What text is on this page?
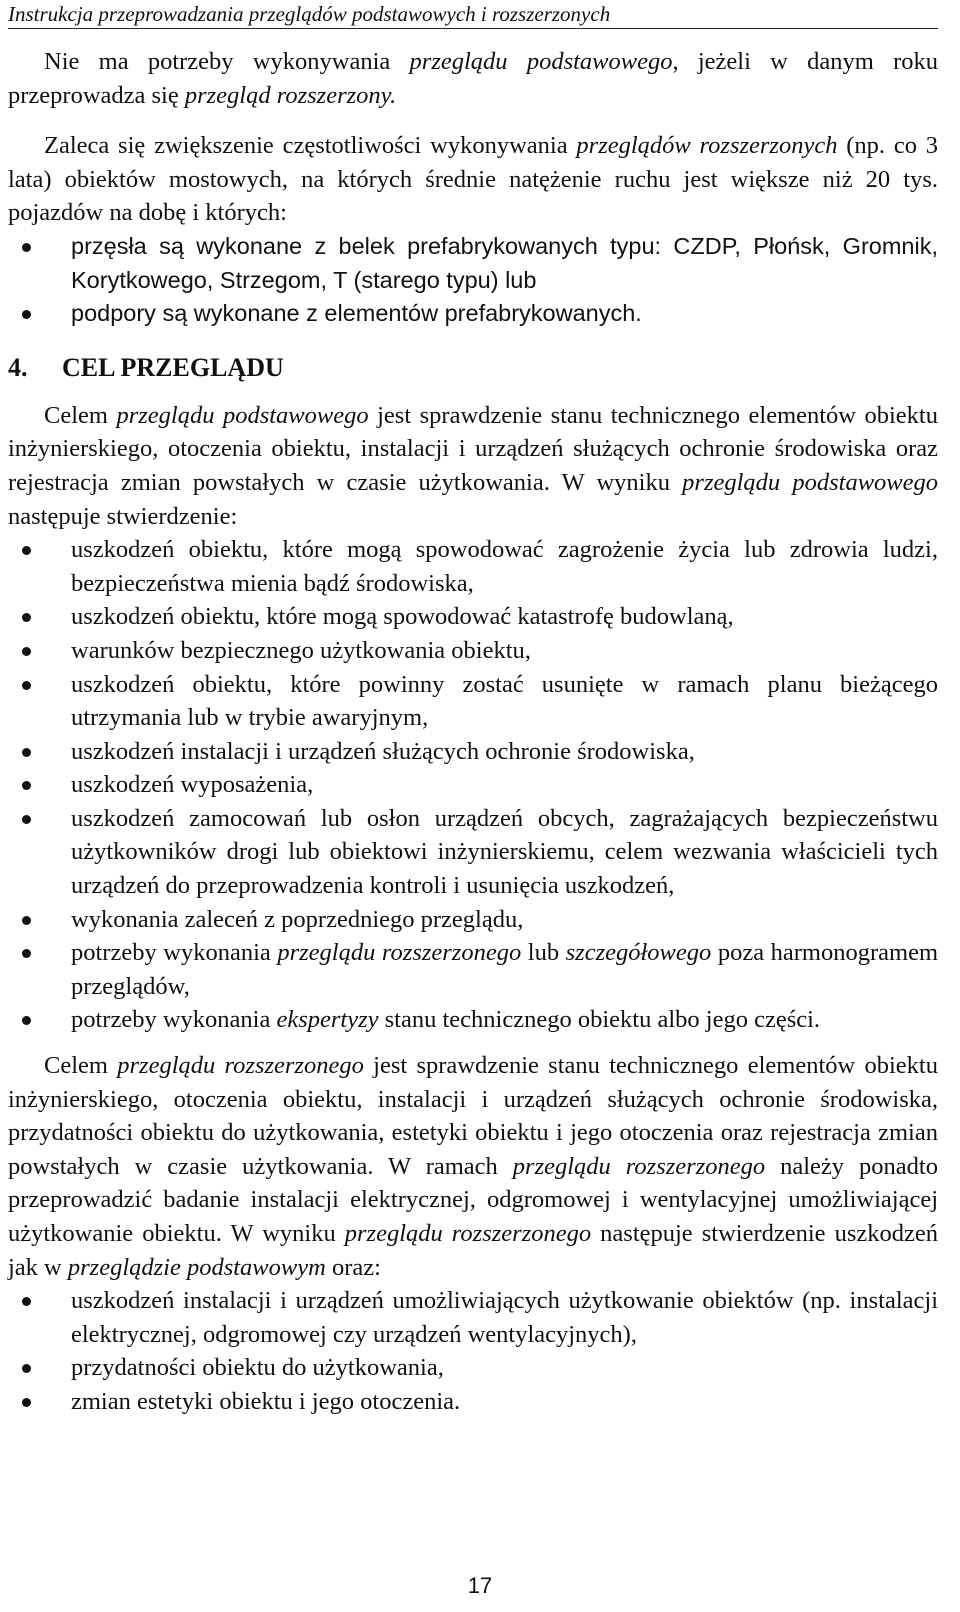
Instrukcja przeprowadzania przeglądów podstawowych i rozszerzonych

Nie ma potrzeby wykonywania przeglądu podstawowego, jeżeli w danym roku przeprowadza się przegląd rozszerzony.

Zaleca się zwiększenie częstotliwości wykonywania przeglądów rozszerzonych (np. co 3 lata) obiektów mostowych, na których średnie natężenie ruchu jest większe niż 20 tys. pojazdów na dobę i których:

przęsła są wykonane z belek prefabrykowanych typu: CZDP, Płońsk, Gromnik, Korytkowego, Strzegom, T (starego typu) lub
podpory są wykonane z elementów prefabrykowanych.
4.	CEL PRZEGLĄDU

Celem przeglądu podstawowego jest sprawdzenie stanu technicznego elementów obiektu inżynierskiego, otoczenia obiektu, instalacji i urządzeń służących ochronie środowiska oraz rejestracja zmian powstałych w czasie użytkowania. W wyniku przeglądu podstawowego następuje stwierdzenie:

uszkodzeń obiektu, które mogą spowodować zagrożenie życia lub zdrowia ludzi, bezpieczeństwa mienia bądź środowiska,
uszkodzeń obiektu, które mogą spowodować katastrofę budowlaną,
warunków bezpiecznego użytkowania obiektu,
uszkodzeń obiektu, które powinny zostać usunięte w ramach planu bieżącego utrzymania lub w trybie awaryjnym,
uszkodzeń instalacji i urządzeń służących ochronie środowiska,
uszkodzeń wyposażenia,
uszkodzeń zamocowań lub osłon urządzeń obcych, zagrażających bezpieczeństwu użytkowników drogi lub obiektowi inżynierskiemu, celem wezwania właścicieli tych urządzeń do przeprowadzenia kontroli i usunięcia uszkodzeń,
wykonania zaleceń z poprzedniego przeglądu,
potrzeby wykonania przeglądu rozszerzonego lub szczegółowego poza harmonogramem przeglądów,
potrzeby wykonania ekspertyzy stanu technicznego obiektu albo jego części.

Celem przeglądu rozszerzonego jest sprawdzenie stanu technicznego elementów obiektu inżynierskiego, otoczenia obiektu, instalacji i urządzeń służących ochronie środowiska, przydatności obiektu do użytkowania, estetyki obiektu i jego otoczenia oraz rejestracja zmian powstałych w czasie użytkowania. W ramach przeglądu rozszerzonego należy ponadto przeprowadzić badanie instalacji elektrycznej, odgromowej i wentylacyjnej umożliwiającej użytkowanie obiektu. W wyniku przeglądu rozszerzonego następuje stwierdzenie uszkodzeń jak w przeglądzie podstawowym oraz:

uszkodzeń instalacji i urządzeń umożliwiających użytkowanie obiektów (np. instalacji elektrycznej, odgromowej czy urządzeń wentylacyjnych),
przydatności obiektu do użytkowania,
zmian estetyki obiektu i jego otoczenia.
17
